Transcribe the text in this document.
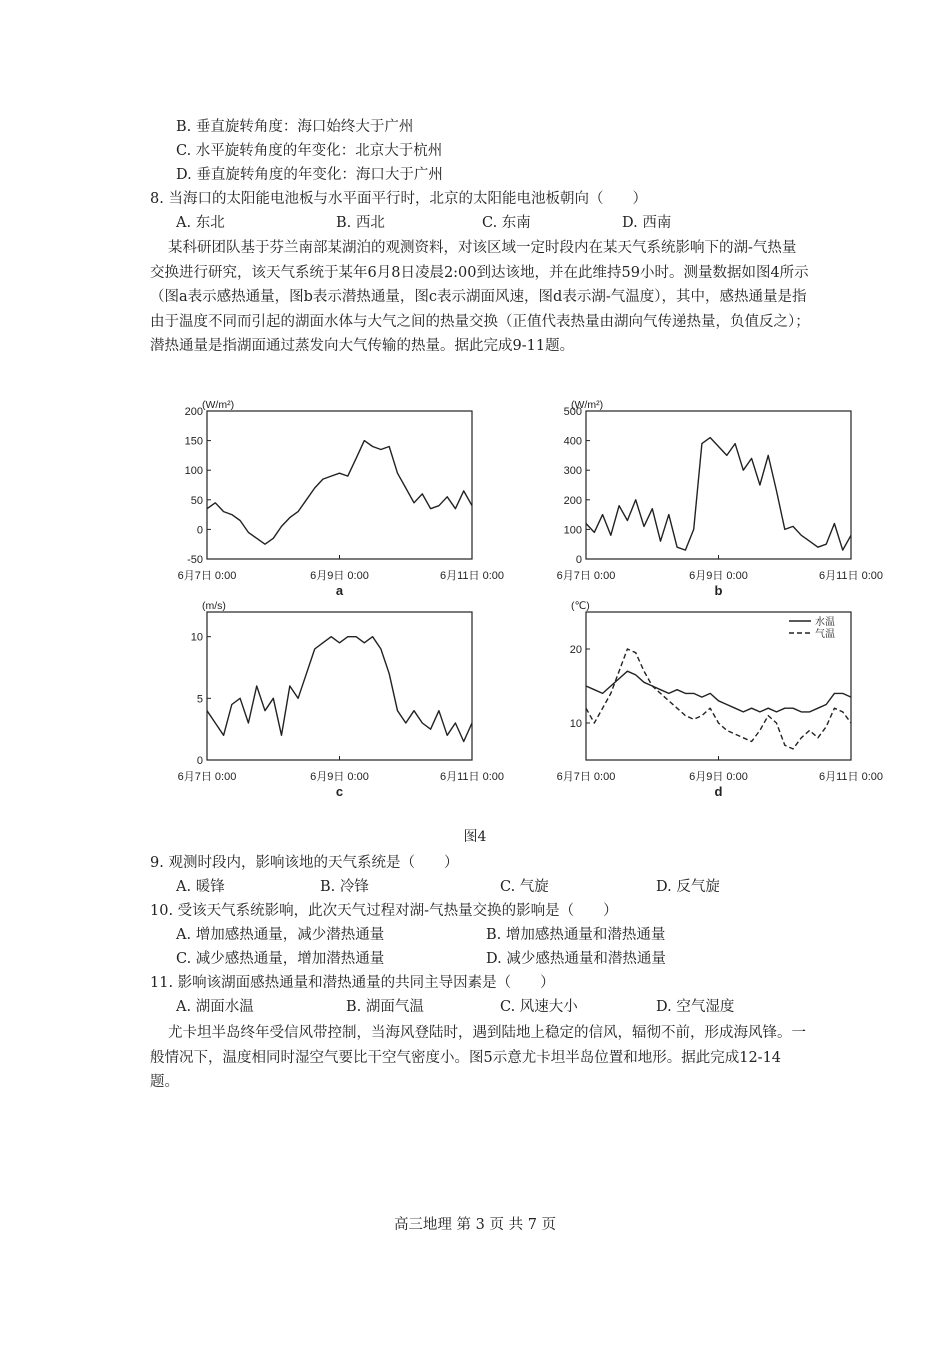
B. 垂直旋转角度：海口始终大于广州
C. 水平旋转角度的年变化：北京大于杭州
D. 垂直旋转角度的年变化：海口大于广州
8. 当海口的太阳能电池板与水平面平行时，北京的太阳能电池板朝向（　　）
A. 东北	B. 西北	C. 东南	D. 西南
某科研团队基于芬兰南部某湖泊的观测资料，对该区域一定时段内在某天气系统影响下的湖-气热量交换进行研究，该天气系统于某年6月8日凌晨2:00到达该地，并在此维持59小时。测量数据如图4所示（图a表示感热通量，图b表示潜热通量，图c表示湖面风速，图d表示湖-气温度），其中，感热通量是指由于温度不同而引起的湖面水体与大气之间的热量交换（正值代表热量由湖向气传递热量，负值反之）；潜热通量是指湖面通过蒸发向大气传输的热量。据此完成9-11题。
200
150
100
50
0
-50
6月7日 0:00	6月9日 0:00	6月11日 0:00
(W/m²)
a
500
400
300
200
100
0
6月7日 0:00	6月9日 0:00	6月11日 0:00
(W/m²)
b
10
5
0
6月7日 0:00	6月9日 0:00	6月11日 0:00
(m/s)
c
20
10
6月7日 0:00	6月9日 0:00	6月11日 0:00
(℃)
d
水温
气温
图4
9. 观测时段内，影响该地的天气系统是（　　）
A. 暖锋	B. 冷锋	C. 气旋	D. 反气旋
10. 受该天气系统影响，此次天气过程对湖-气热量交换的影响是（　　）
A. 增加感热通量，减少潜热通量	B. 增加感热通量和潜热通量
C. 减少感热通量，增加潜热通量	D. 减少感热通量和潜热通量
11. 影响该湖面感热通量和潜热通量的共同主导因素是（　　）
A. 湖面水温	B. 湖面气温	C. 风速大小	D. 空气湿度
尤卡坦半岛终年受信风带控制，当海风登陆时，遇到陆地上稳定的信风，辐彻不前，形成海风锋。一般情况下，温度相同时湿空气要比干空气密度小。图5示意尤卡坦半岛位置和地形。据此完成12-14题。
高三地理 第 3 页 共 7 页
